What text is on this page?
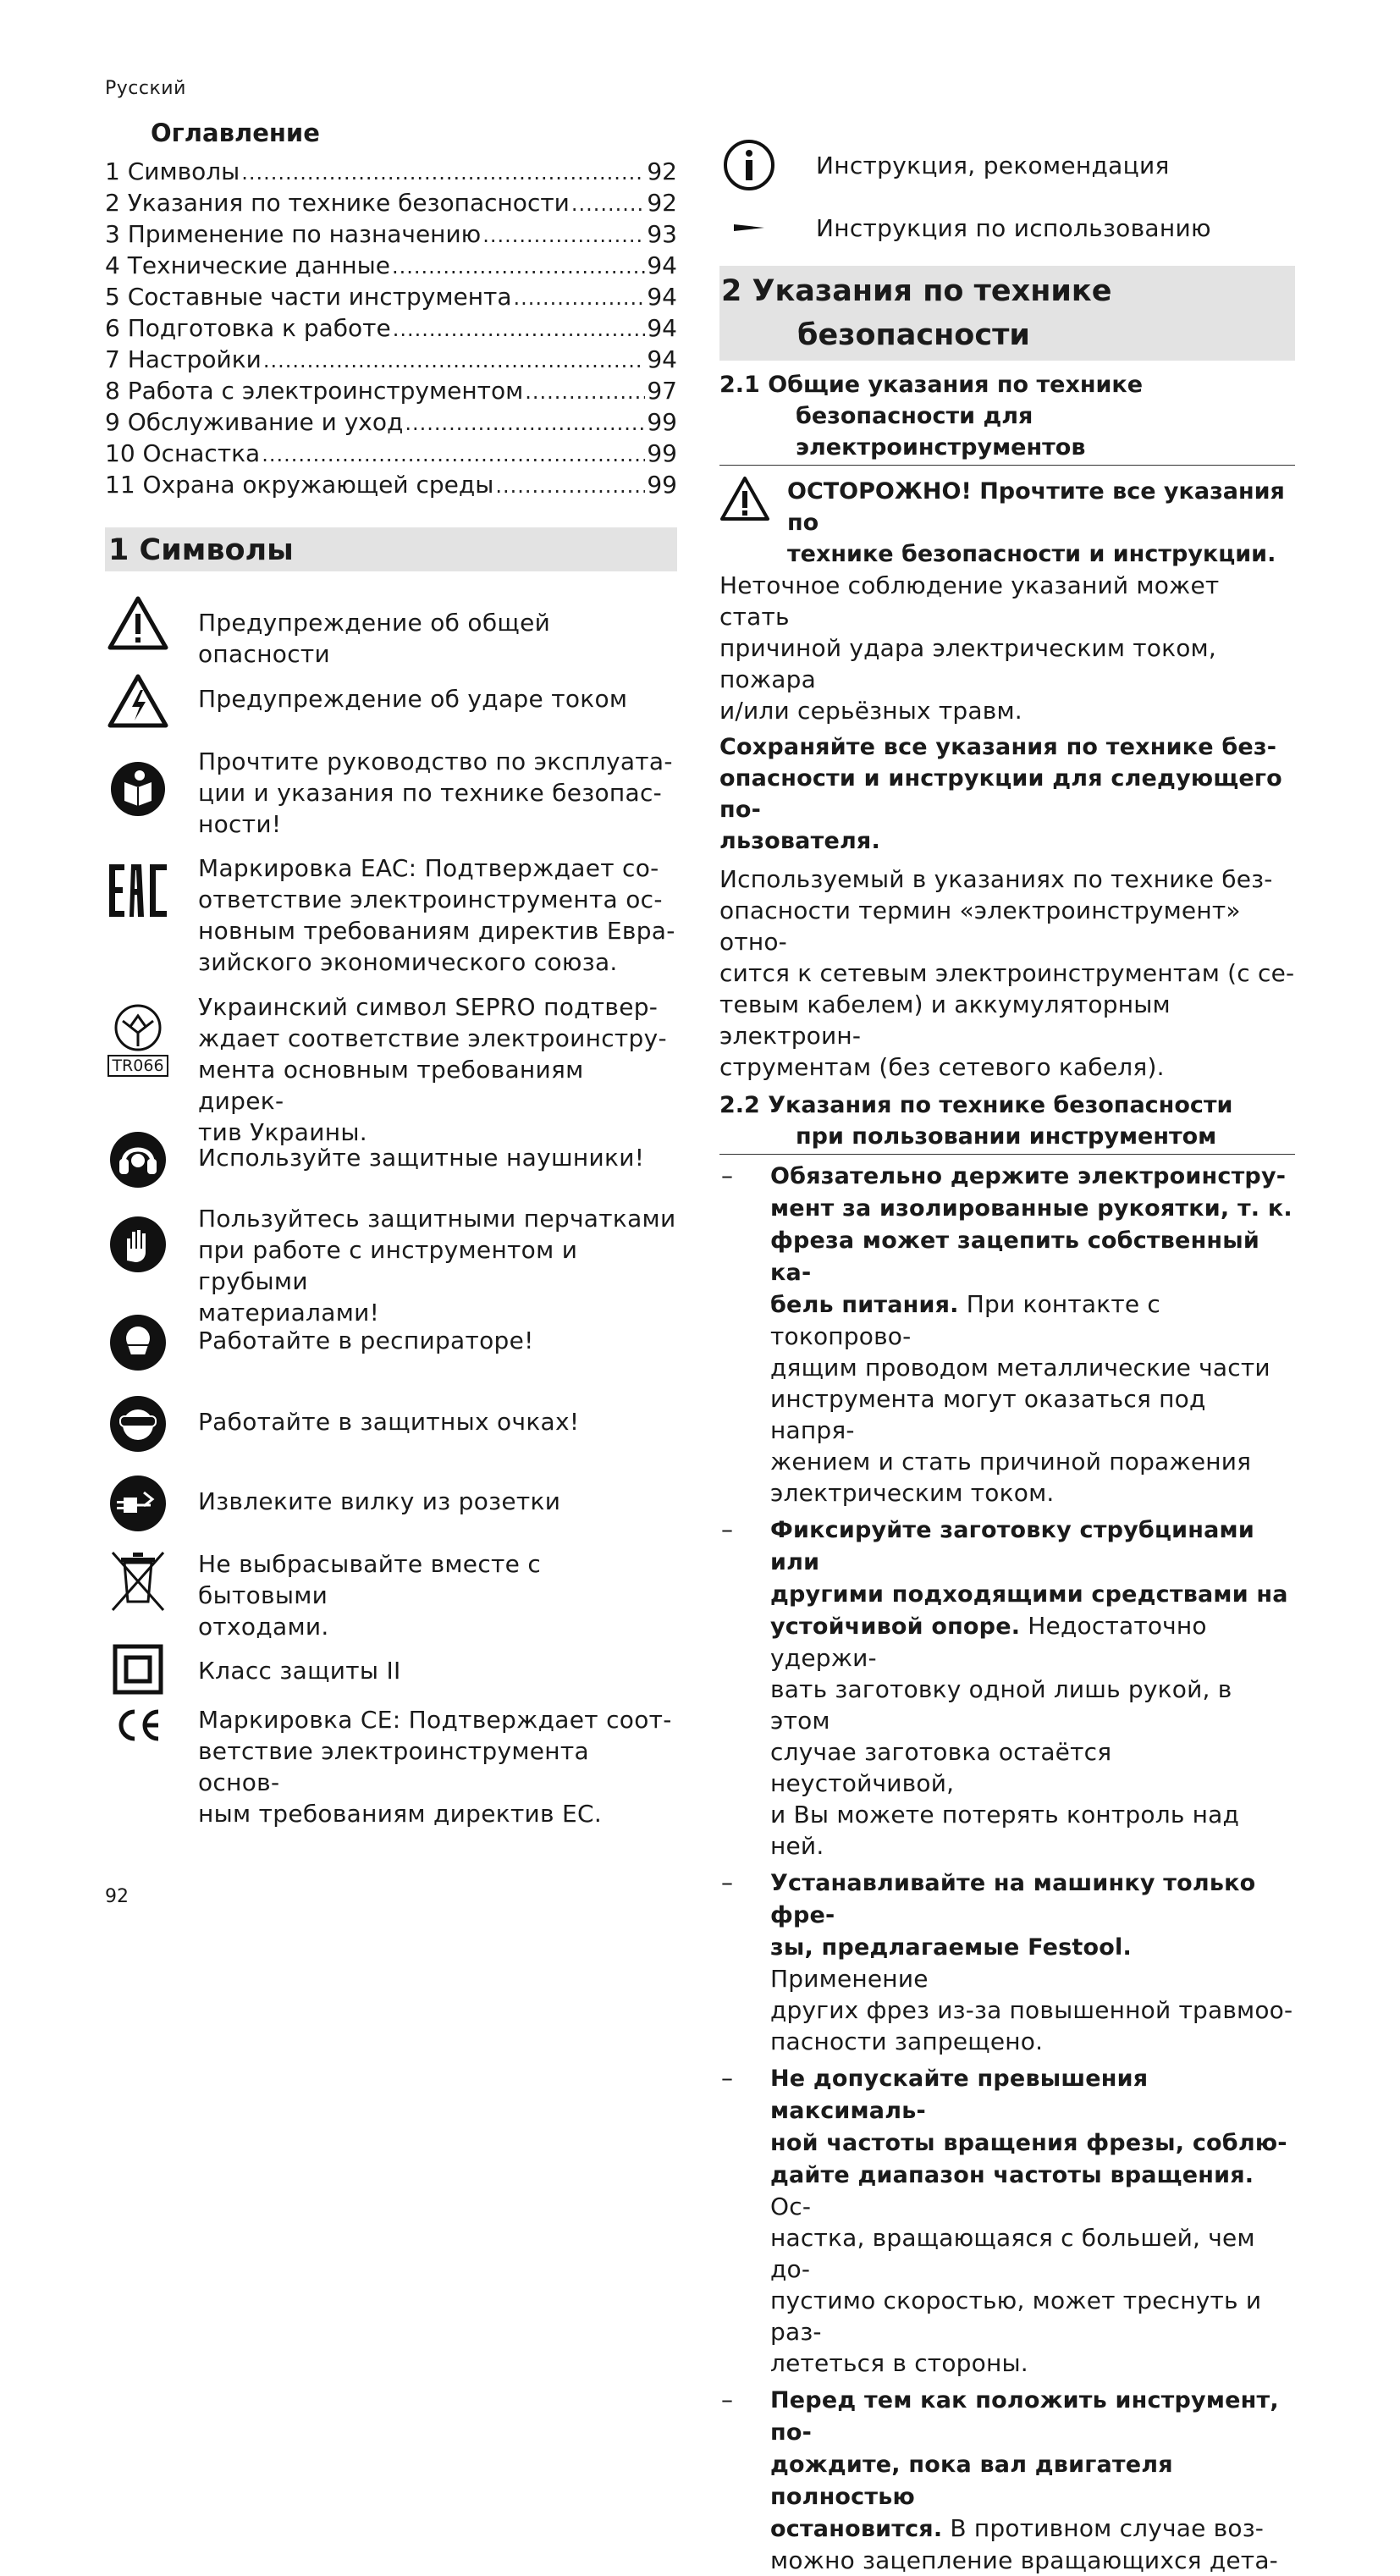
Русский
Оглавление
1 Символы .....	92
2 Указания по технике безопасности .....	92
3 Применение по назначению .....	93
4 Технические данные .....	94
5 Составные части инструмента .....	94
6 Подготовка к работе .....	94
7 Настройки .....	94
8 Работа с электроинструментом .....	97
9 Обслуживание и уход .....	99
10 Оснастка .....	99
11 Охрана окружающей среды .....	99
1 Символы
Предупреждение об общей опасности
Предупреждение об ударе током
Прочтите руководство по эксплуата-
ции и указания по технике безопас-
ности!
Маркировка EAC: Подтверждает со-
ответствие электроинструмента ос-
новным требованиям директив Евра-
зийского экономического союза.
TR066
Украинский символ SEPRO подтвер-
ждает соответствие электроинстру-
мента основным требованиям дирек-
тив Украины.
Используйте защитные наушники!
Пользуйтесь защитными перчатками
при работе с инструментом и грубыми
материалами!
Работайте в респираторе!
Работайте в защитных очках!
Извлеките вилку из розетки
Не выбрасывайте вместе с бытовыми
отходами.
Класс защиты II
Маркировка CE: Подтверждает соот-
ветствие электроинструмента основ-
ным требованиям директив ЕС.
Инструкция, рекомендация
Инструкция по использованию
2 Указания по технике
безопасности
2.1 Общие указания по технике
безопасности для
электроинструментов
ОСТОРОЖНО! Прочтите все указания по
технике безопасности и инструкции.
Неточное соблюдение указаний может стать
причиной удара электрическим током, пожара
и/или серьёзных травм.
Сохраняйте все указания по технике без-
опасности и инструкции для следующего по-
льзователя.
Используемый в указаниях по технике без-
опасности термин «электроинструмент» отно-
сится к сетевым электроинструментам (с се-
тевым кабелем) и аккумуляторным электроин-
струментам (без сетевого кабеля).
2.2 Указания по технике безопасности
при пользовании инструментом
– Обязательно держите электроинстру-
мент за изолированные рукоятки, т. к.
фреза может зацепить собственный ка-
бель питания. При контакте с токопрово-
дящим проводом металлические части
инструмента могут оказаться под напря-
жением и стать причиной поражения
электрическим током.
– Фиксируйте заготовку струбцинами или
другими подходящими средствами на
устойчивой опоре. Недостаточно удержи-
вать заготовку одной лишь рукой, в этом
случае заготовка остаётся неустойчивой,
и Вы можете потерять контроль над ней.
– Устанавливайте на машинку только фре-
зы, предлагаемые Festool. Применение
других фрез из-за повышенной травмоо-
пасности запрещено.
– Не допускайте превышения максималь-
ной частоты вращения фрезы, соблю-
дайте диапазон частоты вращения. Ос-
настка, вращающаяся с большей, чем до-
пустимо скоростью, может треснуть и раз-
лететься в стороны.
– Перед тем как положить инструмент, по-
дождите, пока вал двигателя полностью
остановится. В противном случае воз-
можно зацепление вращающихся дета-
92
